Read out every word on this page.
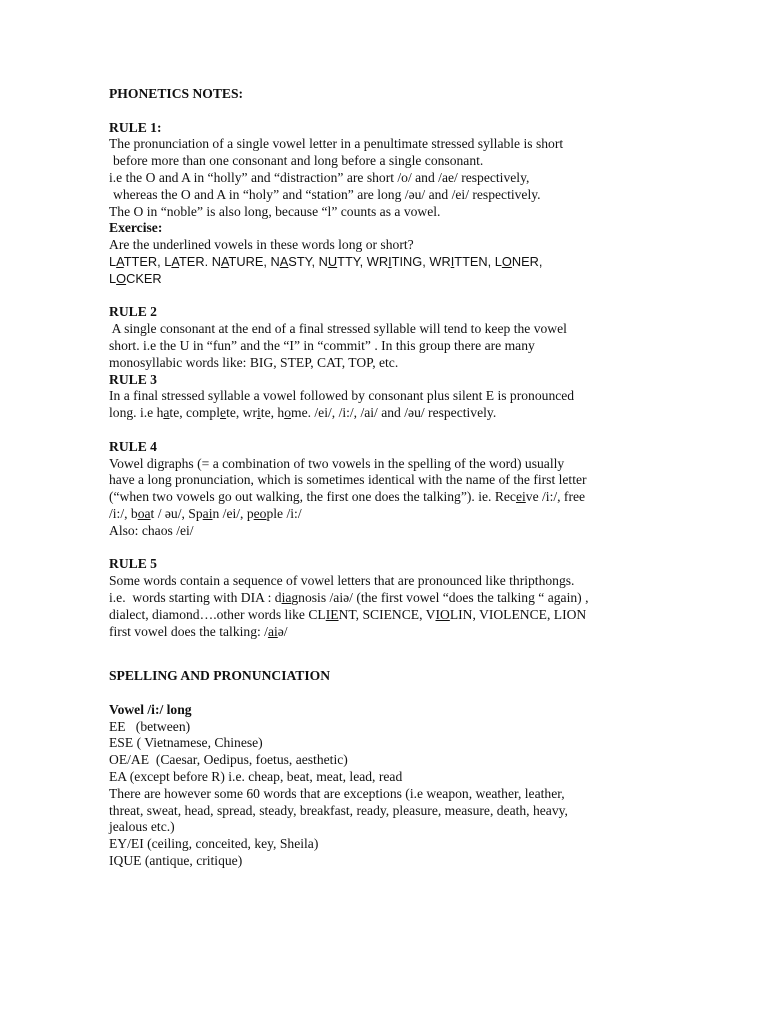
PHONETICS NOTES:
RULE 1:
The pronunciation of a single vowel letter in a penultimate stressed syllable is short
before more than one consonant and long before a single consonant.
i.e the O and A in “holly” and “distraction” are short /o/ and /ae/ respectively,
whereas the O and A in “holy” and “station” are long /əu/ and /ei/ respectively.
The O in “noble” is also long, because “l” counts as a vowel.
Exercise:
Are the underlined vowels in these words long or short?
LATTER, LATER. NATURE, NASTY, NUTTY, WRITING, WRITTEN, LONER,
LOCKER
RULE 2
A single consonant at the end of a final stressed syllable will tend to keep the vowel
short. i.e the U in “fun” and the “I” in “commit” . In this group there are many
monosyllabic words like: BIG, STEP, CAT, TOP, etc.
RULE 3
In a final stressed syllable a vowel followed by consonant plus silent E is pronounced
long. i.e hate, complete, write, home. /ei/, /i:/, /ai/ and /əu/ respectively.
RULE 4
Vowel digraphs (= a combination of two vowels in the spelling of the word) usually
have a long pronunciation, which is sometimes identical with the name of the first letter
(“when two vowels go out walking, the first one does the talking”). ie. Receive /i:/, free
/i:/, boat / əu/, Spain /ei/, people /i:/
Also: chaos /ei/
RULE 5
Some words contain a sequence of vowel letters that are pronounced like thripthongs.
i.e.  words starting with DIA : diagnosis /aiə/ (the first vowel “does the talking “ again) ,
dialect, diamond….other words like CLIENT, SCIENCE, VIOLIN, VIOLENCE, LION
first vowel does the talking: /aiə/
SPELLING AND PRONUNCIATION
Vowel /i:/ long
EE   (between)
ESE ( Vietnamese, Chinese)
OE/AE  (Caesar, Oedipus, foetus, aesthetic)
EA (except before R) i.e. cheap, beat, meat, lead, read
There are however some 60 words that are exceptions (i.e weapon, weather, leather,
threat, sweat, head, spread, steady, breakfast, ready, pleasure, measure, death, heavy,
jealous etc.)
EY/EI (ceiling, conceited, key, Sheila)
IQUE (antique, critique)
